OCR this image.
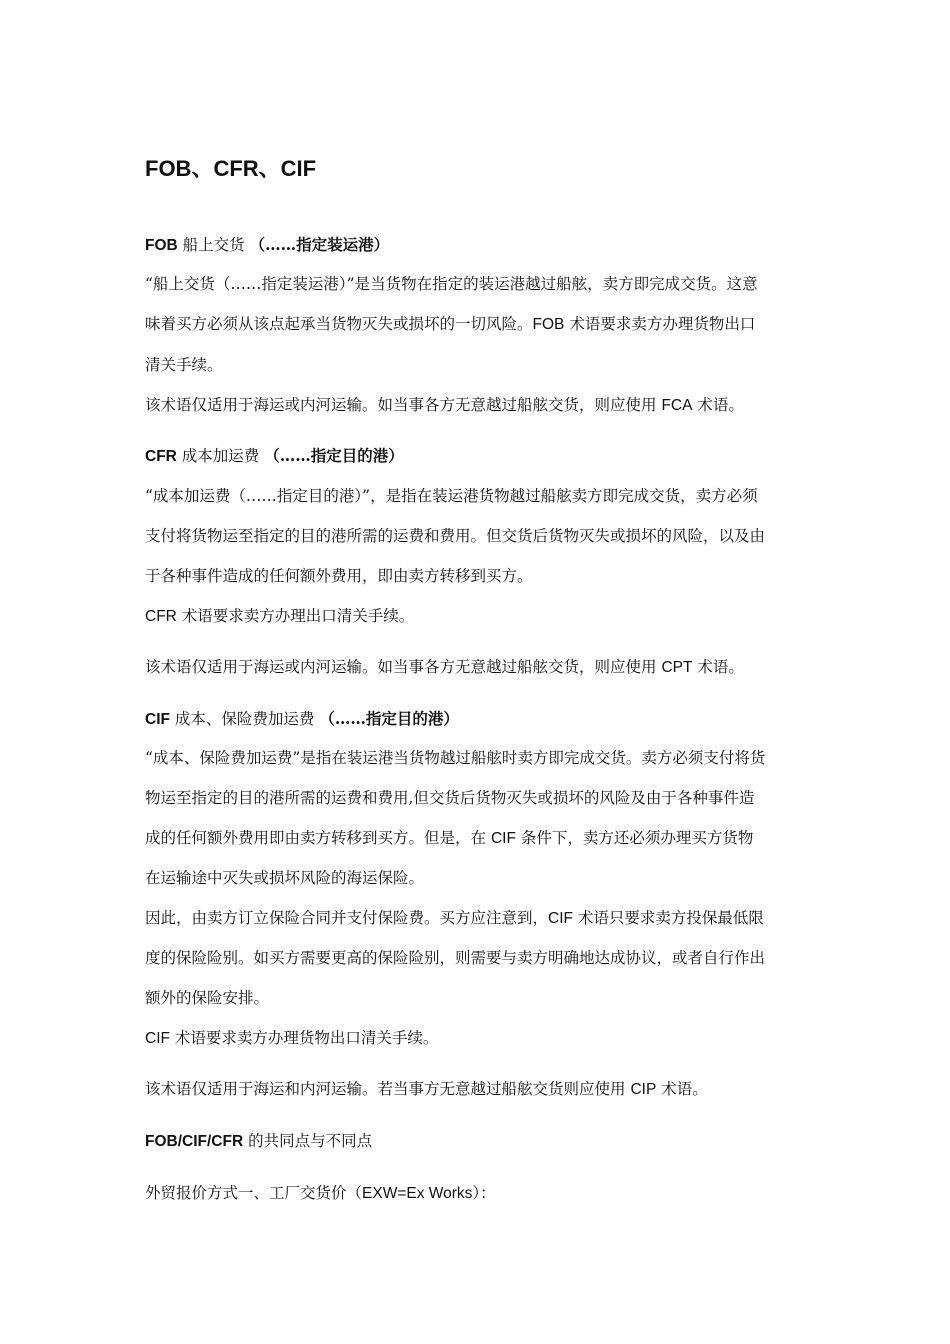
FOB、CFR、CIF
FOB 船上交货 （……指定装运港）
“船上交货（……指定装运港）”是当货物在指定的装运港越过船舷，卖方即完成交货。这意
味着买方必须从该点起承当货物灭失或损坏的一切风险。FOB 术语要求卖方办理货物出口
清关手续。
该术语仅适用于海运或内河运输。如当事各方无意越过船舷交货，则应使用 FCA 术语。
CFR 成本加运费 （……指定目的港）
“成本加运费（……指定目的港）”，是指在装运港货物越过船舷卖方即完成交货，卖方必须
支付将货物运至指定的目的港所需的运费和费用。但交货后货物灭失或损坏的风险，以及由
于各种事件造成的任何额外费用，即由卖方转移到买方。
CFR 术语要求卖方办理出口清关手续。
该术语仅适用于海运或内河运输。如当事各方无意越过船舷交货，则应使用 CPT 术语。
CIF 成本、保险费加运费 （……指定目的港）
“成本、保险费加运费”是指在装运港当货物越过船舷时卖方即完成交货。卖方必须支付将货
物运至指定的目的港所需的运费和费用,但交货后货物灭失或损坏的风险及由于各种事件造
成的任何额外费用即由卖方转移到买方。但是，在 CIF 条件下，卖方还必须办理买方货物
在运输途中灭失或损坏风险的海运保险。
因此，由卖方订立保险合同并支付保险费。买方应注意到，CIF 术语只要求卖方投保最低限
度的保险险别。如买方需要更高的保险险别，则需要与卖方明确地达成协议，或者自行作出
额外的保险安排。
CIF 术语要求卖方办理货物出口清关手续。
该术语仅适用于海运和内河运输。若当事方无意越过船舷交货则应使用 CIP 术语。
FOB/CIF/CFR 的共同点与不同点
外贸报价方式一、工厂交货价（EXW=Ex Works）：
